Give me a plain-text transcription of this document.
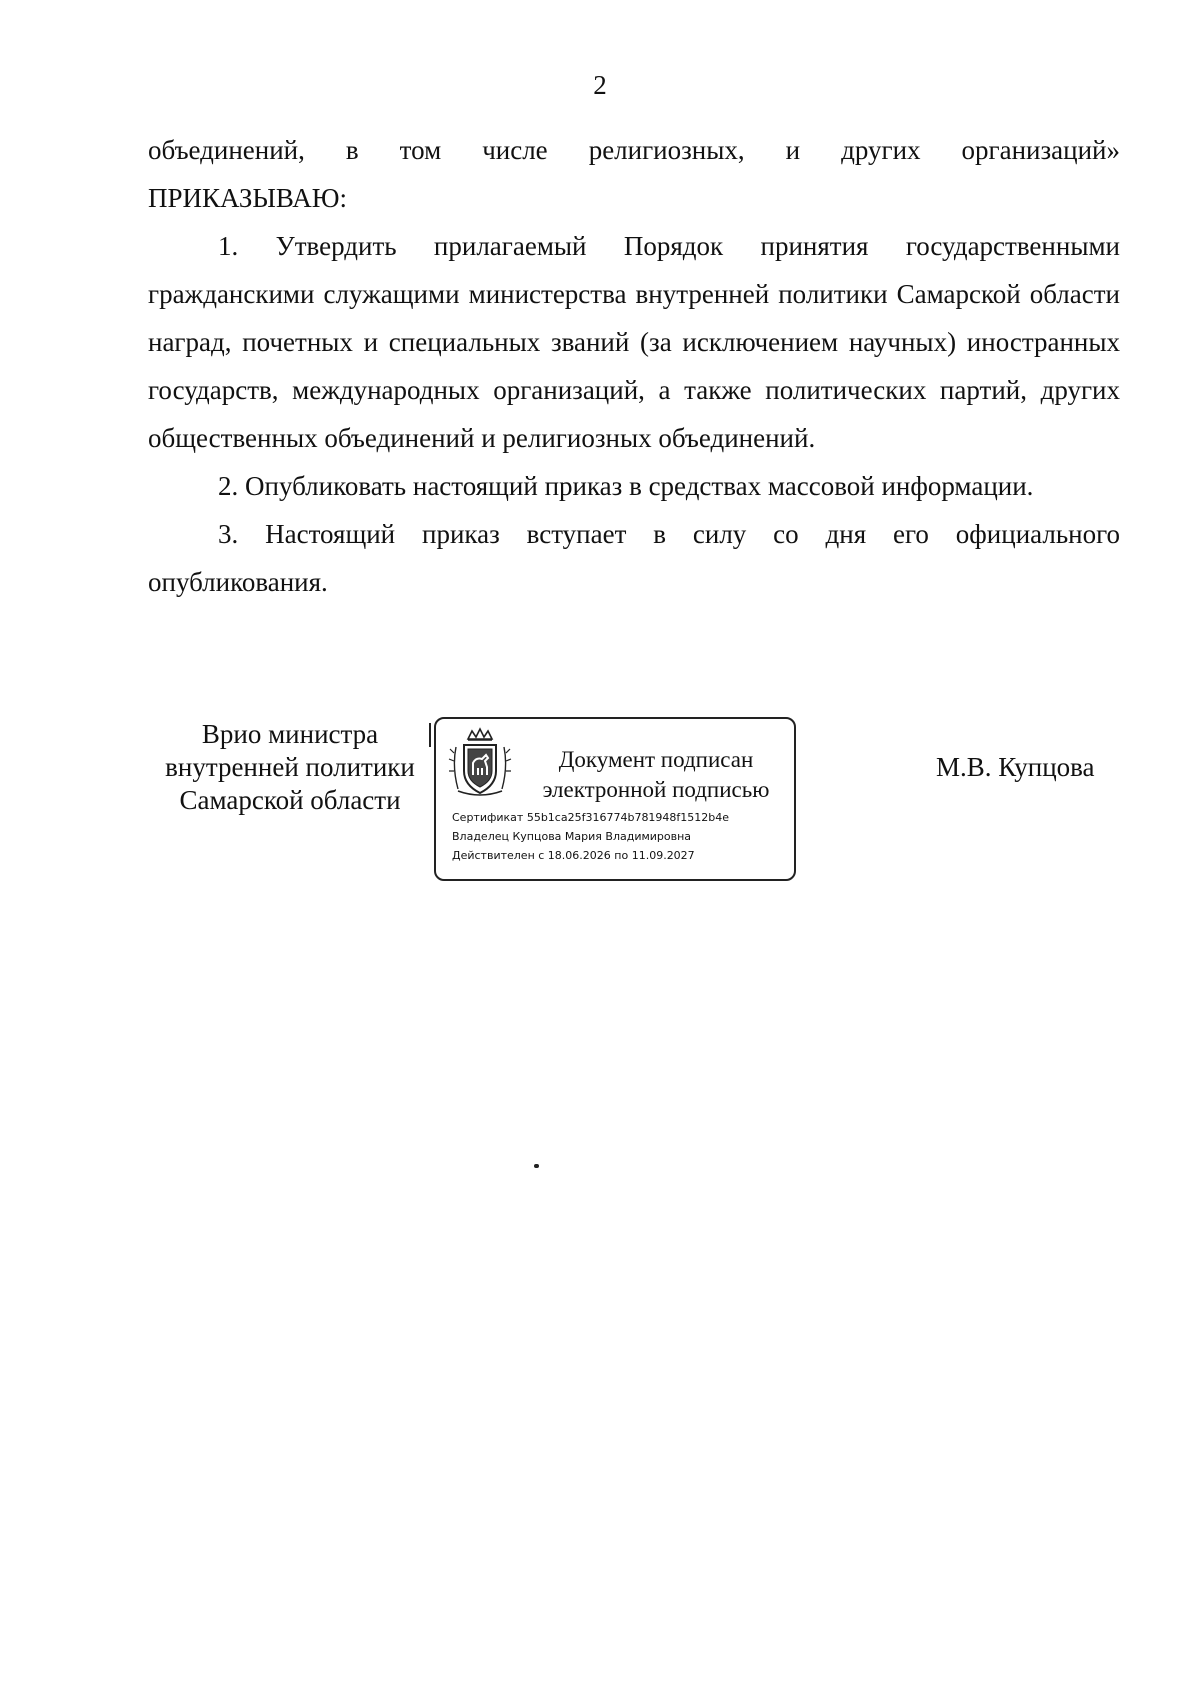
2

объединений, в том числе религиозных, и других организаций»

ПРИКАЗЫВАЮ:

1. Утвердить прилагаемый Порядок принятия государственными гражданскими служащими министерства внутренней политики Самарской области наград, почетных и специальных званий (за исключением научных) иностранных государств, международных организаций, а также политических партий, других общественных объединений и религиозных объединений.

2. Опубликовать настоящий приказ в средствах массовой информации.

3. Настоящий приказ вступает в силу со дня его официального опубликования.

Врио министра
внутренней политики
Самарской области
Документ подписан
электронной подписью
Сертификат 55b1ca25f316774b781948f1512b4e
Владелец Купцова Мария Владимировна
Действителен с 18.06.2026 по 11.09.2027
М.В. Купцова
